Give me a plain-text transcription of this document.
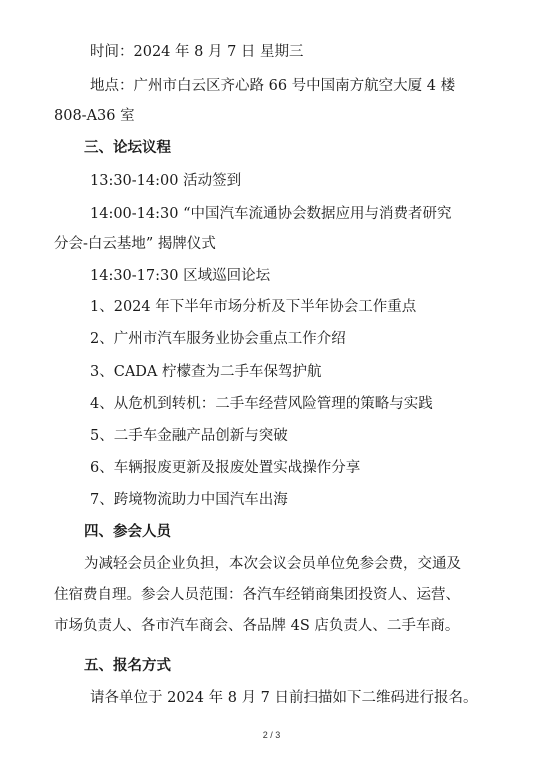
时间：2024 年 8 月 7 日 星期三
地点：广州市白云区齐心路 66 号中国南方航空大厦 4 楼
808-A36 室
三、论坛议程
13:30-14:00 活动签到
14:00-14:30 “中国汽车流通协会数据应用与消费者研究
分会-白云基地” 揭牌仪式
14:30-17:30 区域巡回论坛
1、2024 年下半年市场分析及下半年协会工作重点
2、广州市汽车服务业协会重点工作介绍
3、CADA 柠檬查为二手车保驾护航
4、从危机到转机：二手车经营风险管理的策略与实践
5、二手车金融产品创新与突破
6、车辆报废更新及报废处置实战操作分享
7、跨境物流助力中国汽车出海
四、参会人员
为减轻会员企业负担，本次会议会员单位免参会费，交通及
住宿费自理。参会人员范围：各汽车经销商集团投资人、运营、
市场负责人、各市汽车商会、各品牌 4S 店负责人、二手车商。
五、报名方式
请各单位于 2024 年 8 月 7 日前扫描如下二维码进行报名。
2 / 3
